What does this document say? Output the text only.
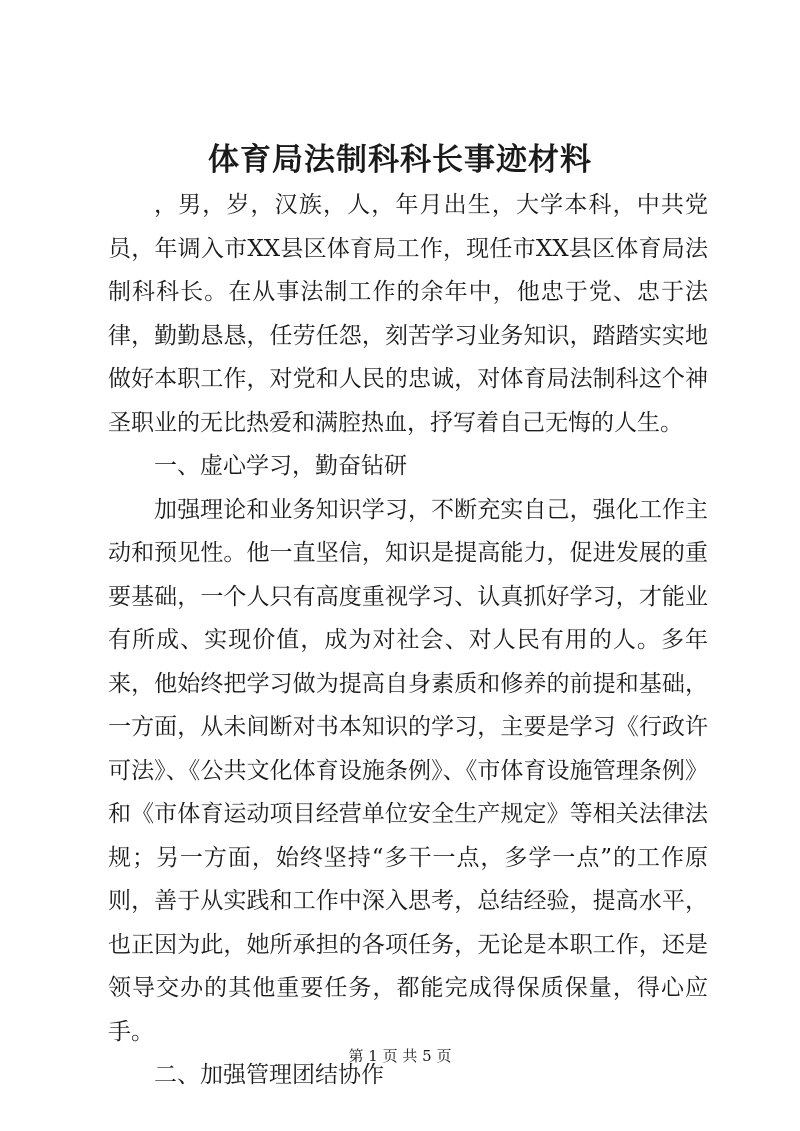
体育局法制科科长事迹材料

，男，岁，汉族，人，年月出生，大学本科，中共党员，年调入市XX县区体育局工作，现任市XX县区体育局法制科科长。在从事法制工作的余年中，他忠于党、忠于法律，勤勤恳恳，任劳任怨，刻苦学习业务知识，踏踏实实地做好本职工作，对党和人民的忠诚，对体育局法制科这个神圣职业的无比热爱和满腔热血，抒写着自己无悔的人生。

一、虚心学习，勤奋钻研

加强理论和业务知识学习，不断充实自己，强化工作主动和预见性。他一直坚信，知识是提高能力，促进发展的重要基础，一个人只有高度重视学习、认真抓好学习，才能业有所成、实现价值，成为对社会、对人民有用的人。多年来，他始终把学习做为提高自身素质和修养的前提和基础，一方面，从未间断对书本知识的学习，主要是学习《行政许可法》、《公共文化体育设施条例》、《市体育设施管理条例》和《市体育运动项目经营单位安全生产规定》等相关法律法规；另一方面，始终坚持“多干一点，多学一点”的工作原则，善于从实践和工作中深入思考，总结经验，提高水平，也正因为此，她所承担的各项任务，无论是本职工作，还是领导交办的其他重要任务，都能完成得保质保量，得心应手。

二、加强管理团结协作

第 1 页 共 5 页
